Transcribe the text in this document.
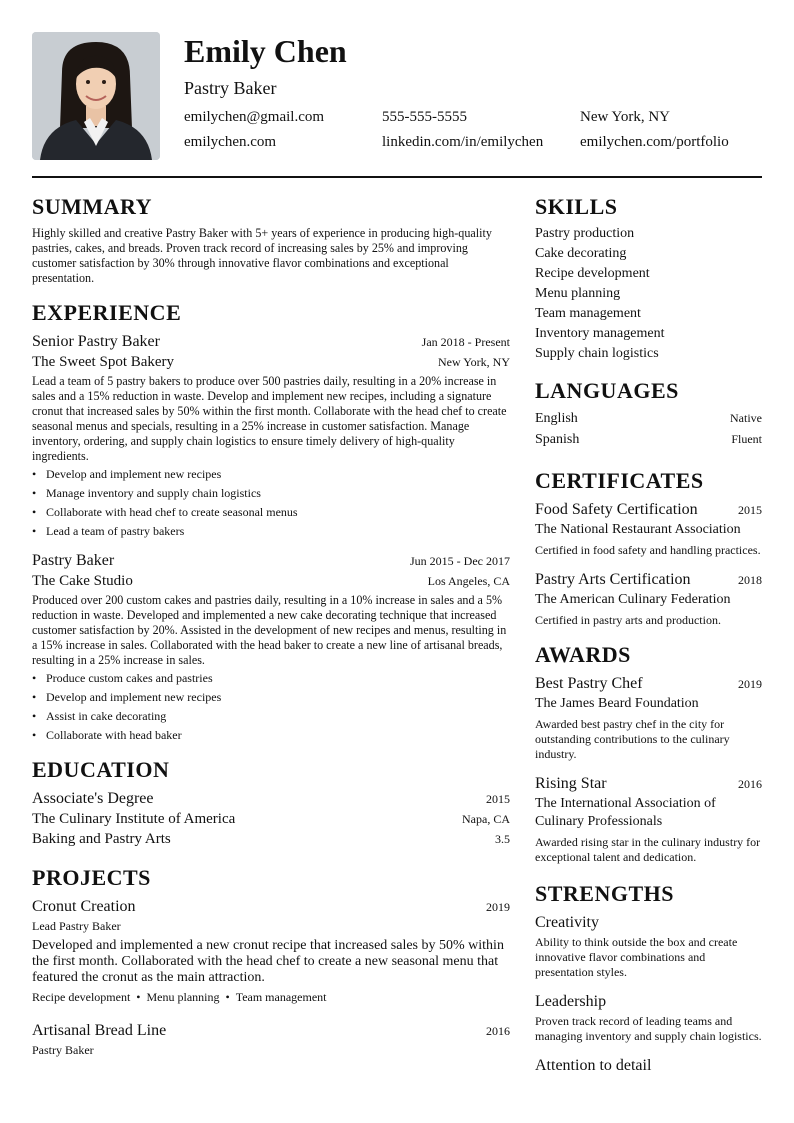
Emily Chen
Pastry Baker
emilychen@gmail.com	555-555-5555	New York, NY
emilychen.com	linkedin.com/in/emilychen	emilychen.com/portfolio
SUMMARY
Highly skilled and creative Pastry Baker with 5+ years of experience in producing high-quality pastries, cakes, and breads. Proven track record of increasing sales by 25% and improving customer satisfaction by 30% through innovative flavor combinations and exceptional presentation.
EXPERIENCE
Senior Pastry Baker	Jan 2018 - Present
The Sweet Spot Bakery	New York, NY
Lead a team of 5 pastry bakers to produce over 500 pastries daily, resulting in a 20% increase in sales and a 15% reduction in waste. Develop and implement new recipes, including a signature cronut that increased sales by 50% within the first month. Collaborate with the head chef to create seasonal menus and specials, resulting in a 25% increase in customer satisfaction. Manage inventory, ordering, and supply chain logistics to ensure timely delivery of high-quality ingredients.
• Develop and implement new recipes
• Manage inventory and supply chain logistics
• Collaborate with head chef to create seasonal menus
• Lead a team of pastry bakers
Pastry Baker	Jun 2015 - Dec 2017
The Cake Studio	Los Angeles, CA
Produced over 200 custom cakes and pastries daily, resulting in a 10% increase in sales and a 5% reduction in waste. Developed and implemented a new cake decorating technique that increased customer satisfaction by 20%. Assisted in the development of new recipes and menus, resulting in a 15% increase in sales. Collaborated with the head baker to create a new line of artisanal breads, resulting in a 25% increase in sales.
• Produce custom cakes and pastries
• Develop and implement new recipes
• Assist in cake decorating
• Collaborate with head baker
EDUCATION
Associate's Degree	2015
The Culinary Institute of America	Napa, CA
Baking and Pastry Arts	3.5
PROJECTS
Cronut Creation	2019
Lead Pastry Baker
Developed and implemented a new cronut recipe that increased sales by 50% within the first month. Collaborated with the head chef to create a new seasonal menu that featured the cronut as the main attraction.
Recipe development • Menu planning • Team management
Artisanal Bread Line	2016
Pastry Baker
SKILLS
Pastry production
Cake decorating
Recipe development
Menu planning
Team management
Inventory management
Supply chain logistics
LANGUAGES
English	Native
Spanish	Fluent
CERTIFICATES
Food Safety Certification	2015
The National Restaurant Association
Certified in food safety and handling practices.
Pastry Arts Certification	2018
The American Culinary Federation
Certified in pastry arts and production.
AWARDS
Best Pastry Chef	2019
The James Beard Foundation
Awarded best pastry chef in the city for outstanding contributions to the culinary industry.
Rising Star	2016
The International Association of Culinary Professionals
Awarded rising star in the culinary industry for exceptional talent and dedication.
STRENGTHS
Creativity
Ability to think outside the box and create innovative flavor combinations and presentation styles.
Leadership
Proven track record of leading teams and managing inventory and supply chain logistics.
Attention to detail
